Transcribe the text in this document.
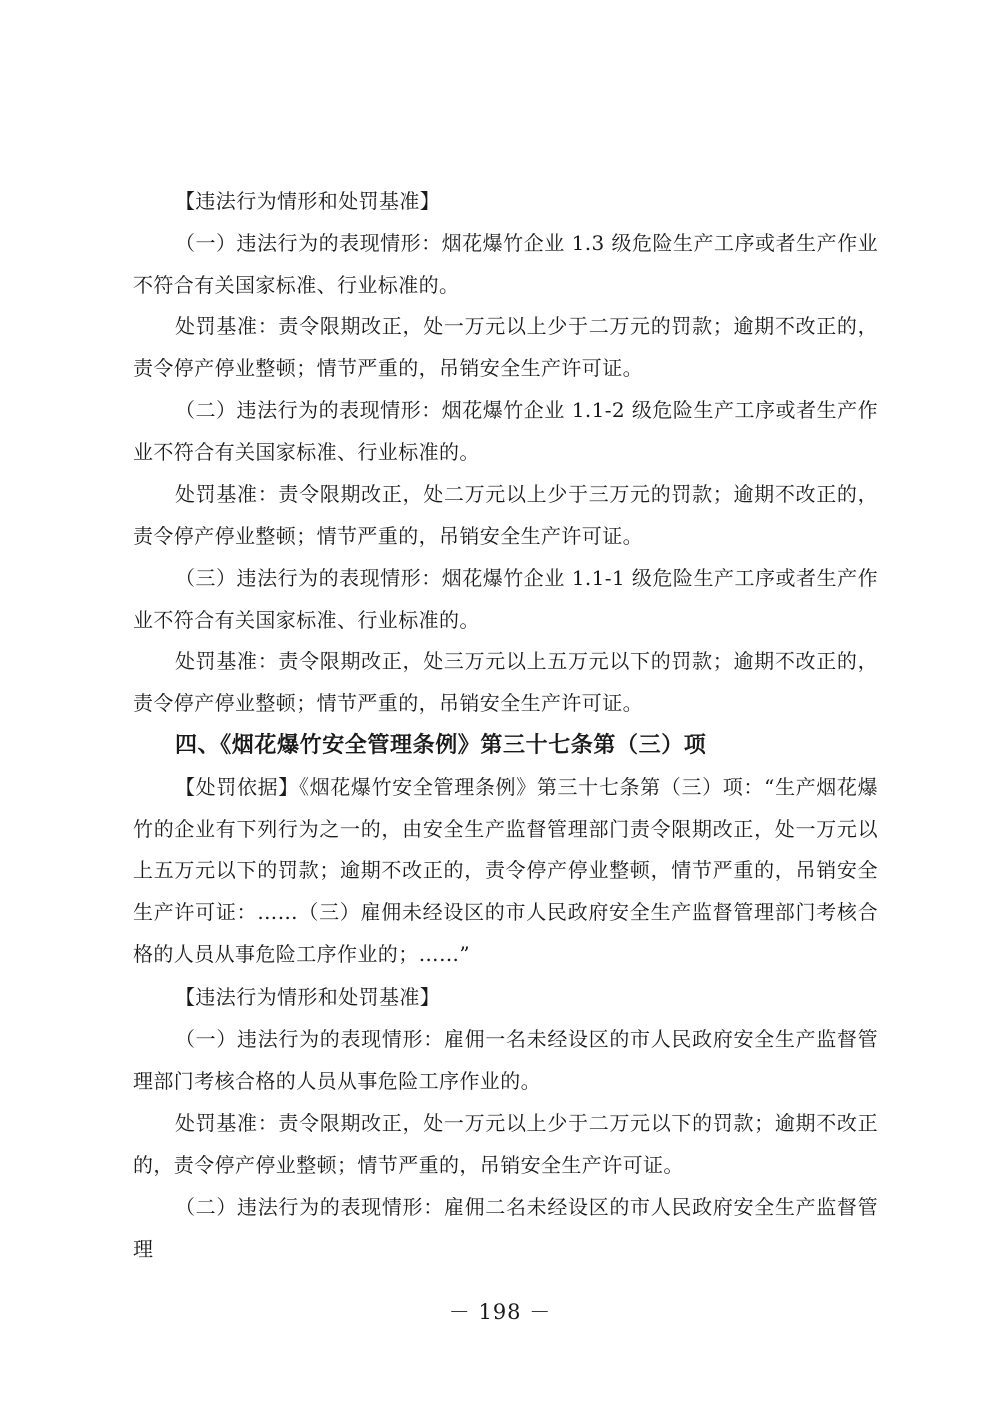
【违法行为情形和处罚基准】
（一）违法行为的表现情形：烟花爆竹企业 1.3 级危险生产工序或者生产作业不符合有关国家标准、行业标准的。
处罚基准：责令限期改正，处一万元以上少于二万元的罚款；逾期不改正的，责令停产停业整顿；情节严重的，吊销安全生产许可证。
（二）违法行为的表现情形：烟花爆竹企业 1.1-2 级危险生产工序或者生产作业不符合有关国家标准、行业标准的。
处罚基准：责令限期改正，处二万元以上少于三万元的罚款；逾期不改正的，责令停产停业整顿；情节严重的，吊销安全生产许可证。
（三）违法行为的表现情形：烟花爆竹企业 1.1-1 级危险生产工序或者生产作业不符合有关国家标准、行业标准的。
处罚基准：责令限期改正，处三万元以上五万元以下的罚款；逾期不改正的，责令停产停业整顿；情节严重的，吊销安全生产许可证。
四、《烟花爆竹安全管理条例》第三十七条第（三）项
【处罚依据】《烟花爆竹安全管理条例》第三十七条第（三）项：“生产烟花爆竹的企业有下列行为之一的，由安全生产监督管理部门责令限期改正，处一万元以上五万元以下的罚款；逾期不改正的，责令停产停业整顿，情节严重的，吊销安全生产许可证：……（三）雇佣未经设区的市人民政府安全生产监督管理部门考核合格的人员从事危险工序作业的；……”
【违法行为情形和处罚基准】
（一）违法行为的表现情形：雇佣一名未经设区的市人民政府安全生产监督管理部门考核合格的人员从事危险工序作业的。
处罚基准：责令限期改正，处一万元以上少于二万元以下的罚款；逾期不改正的，责令停产停业整顿；情节严重的，吊销安全生产许可证。
（二）违法行为的表现情形：雇佣二名未经设区的市人民政府安全生产监督管理
－ 198 －
